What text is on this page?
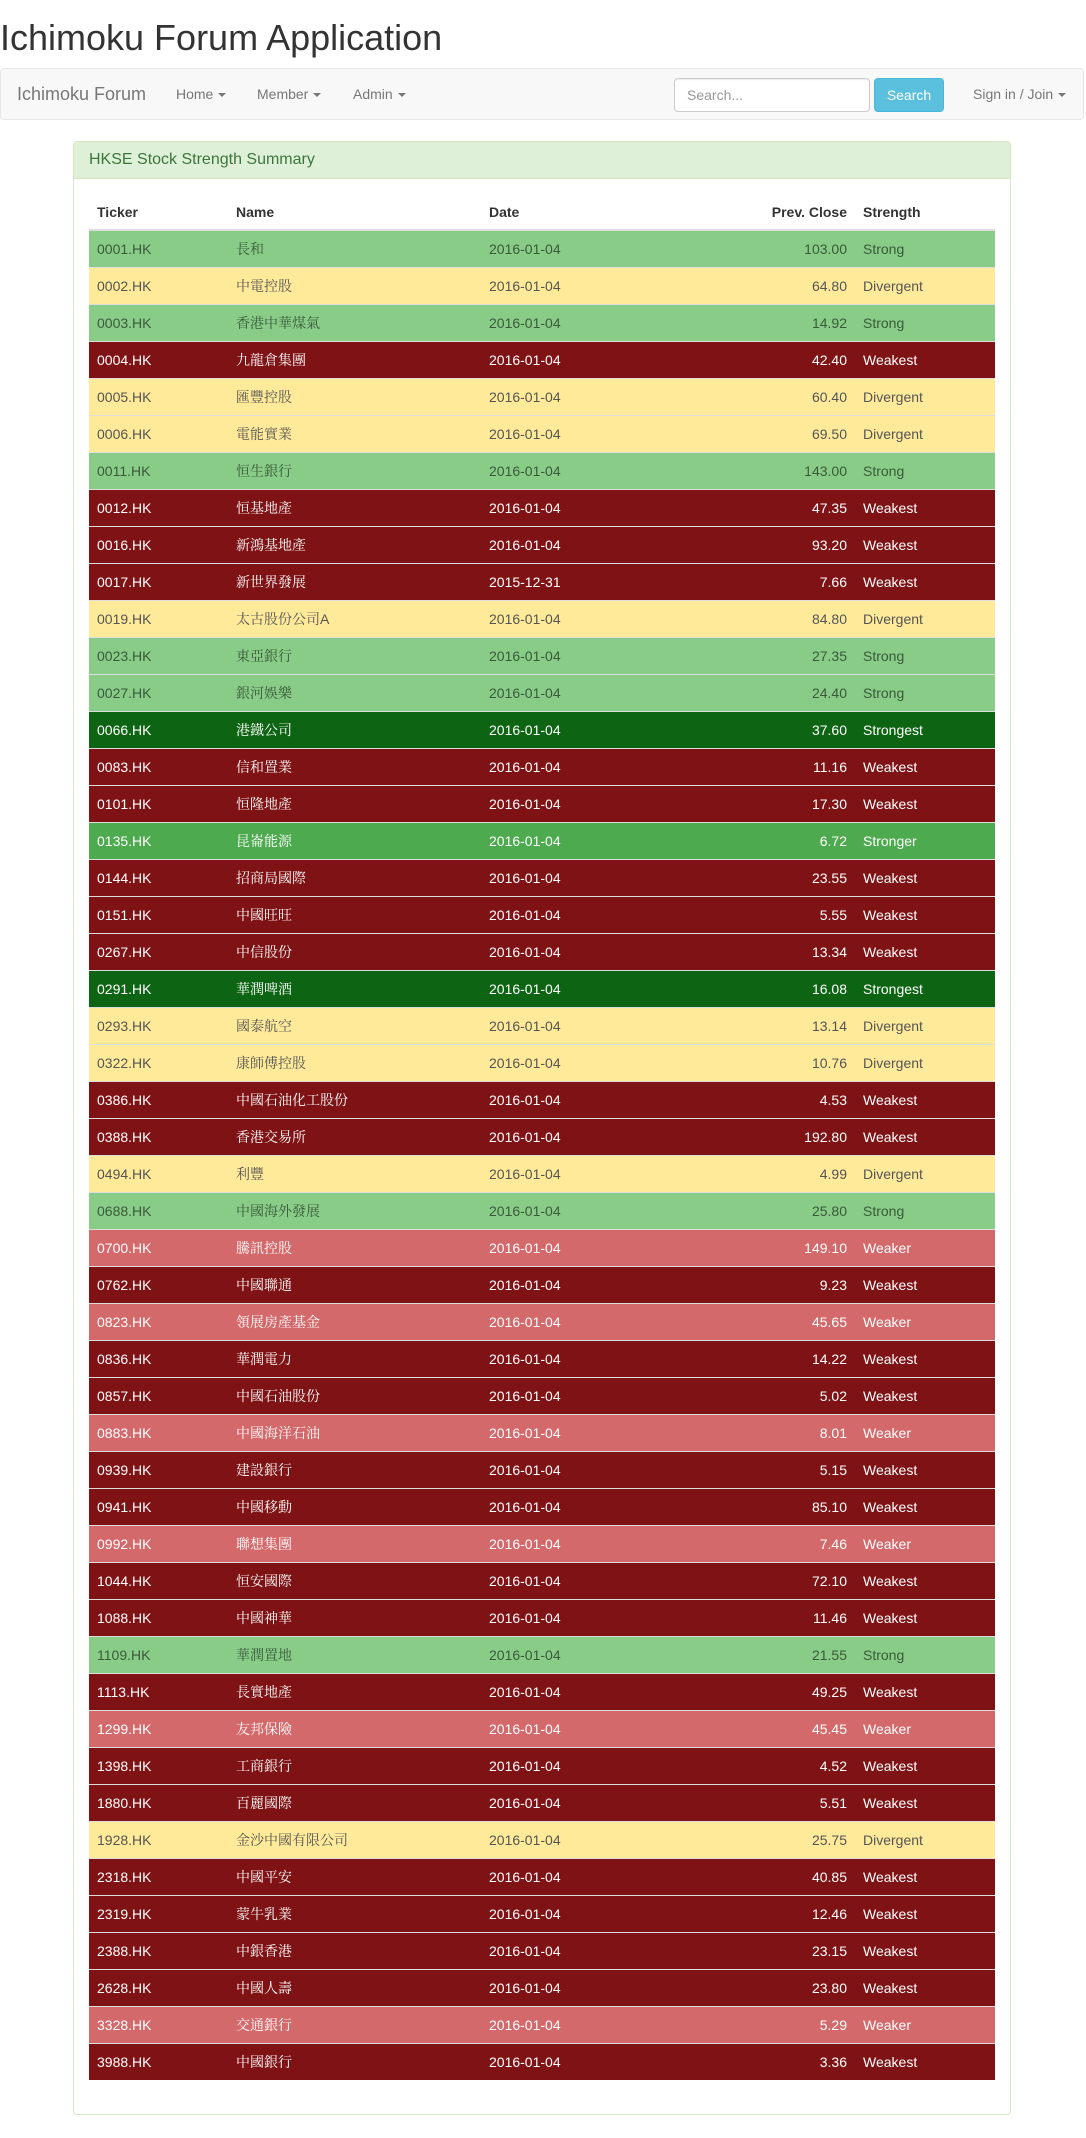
Ichimoku Forum Application
Ichimoku Forum Home	Member	Admin
Search...	Search	Sign in / Join
HKSE Stock Strength Summary
Ticker	Name	Date	Prev. Close	Strength
0001.HK	長和	2016-01-04	103.00	Strong
0002.HK	中電控股	2016-01-04	64.80	Divergent
0003.HK	香港中華煤氣	2016-01-04	14.92	Strong
0004.HK	九龍倉集團	2016-01-04	42.40	Weakest
0005.HK	匯豐控股	2016-01-04	60.40	Divergent
0006.HK	電能實業	2016-01-04	69.50	Divergent
0011.HK	恒生銀行	2016-01-04	143.00	Strong
0012.HK	恒基地產	2016-01-04	47.35	Weakest
0016.HK	新鴻基地產	2016-01-04	93.20	Weakest
0017.HK	新世界發展	2015-12-31	7.66	Weakest
0019.HK	太古股份公司A	2016-01-04	84.80	Divergent
0023.HK	東亞銀行	2016-01-04	27.35	Strong
0027.HK	銀河娛樂	2016-01-04	24.40	Strong
0066.HK	港鐵公司	2016-01-04	37.60	Strongest
0083.HK	信和置業	2016-01-04	11.16	Weakest
0101.HK	恒隆地產	2016-01-04	17.30	Weakest
0135.HK	昆崙能源	2016-01-04	6.72	Stronger
0144.HK	招商局國際	2016-01-04	23.55	Weakest
0151.HK	中國旺旺	2016-01-04	5.55	Weakest
0267.HK	中信股份	2016-01-04	13.34	Weakest
0291.HK	華潤啤酒	2016-01-04	16.08	Strongest
0293.HK	國泰航空	2016-01-04	13.14	Divergent
0322.HK	康師傅控股	2016-01-04	10.76	Divergent
0386.HK	中國石油化工股份	2016-01-04	4.53	Weakest
0388.HK	香港交易所	2016-01-04	192.80	Weakest
0494.HK	利豐	2016-01-04	4.99	Divergent
0688.HK	中國海外發展	2016-01-04	25.80	Strong
0700.HK	騰訊控股	2016-01-04	149.10	Weaker
0762.HK	中國聯通	2016-01-04	9.23	Weakest
0823.HK	領展房產基金	2016-01-04	45.65	Weaker
0836.HK	華潤電力	2016-01-04	14.22	Weakest
0857.HK	中國石油股份	2016-01-04	5.02	Weakest
0883.HK	中國海洋石油	2016-01-04	8.01	Weaker
0939.HK	建設銀行	2016-01-04	5.15	Weakest
0941.HK	中國移動	2016-01-04	85.10	Weakest
0992.HK	聯想集團	2016-01-04	7.46	Weaker
1044.HK	恒安國際	2016-01-04	72.10	Weakest
1088.HK	中國神華	2016-01-04	11.46	Weakest
1109.HK	華潤置地	2016-01-04	21.55	Strong
1113.HK	長實地產	2016-01-04	49.25	Weakest
1299.HK	友邦保險	2016-01-04	45.45	Weaker
1398.HK	工商銀行	2016-01-04	4.52	Weakest
1880.HK	百麗國際	2016-01-04	5.51	Weakest
1928.HK	金沙中國有限公司	2016-01-04	25.75	Divergent
2318.HK	中國平安	2016-01-04	40.85	Weakest
2319.HK	蒙牛乳業	2016-01-04	12.46	Weakest
2388.HK	中銀香港	2016-01-04	23.15	Weakest
2628.HK	中國人壽	2016-01-04	23.80	Weakest
3328.HK	交通銀行	2016-01-04	5.29	Weaker
3988.HK	中國銀行	2016-01-04	3.36	Weakest
